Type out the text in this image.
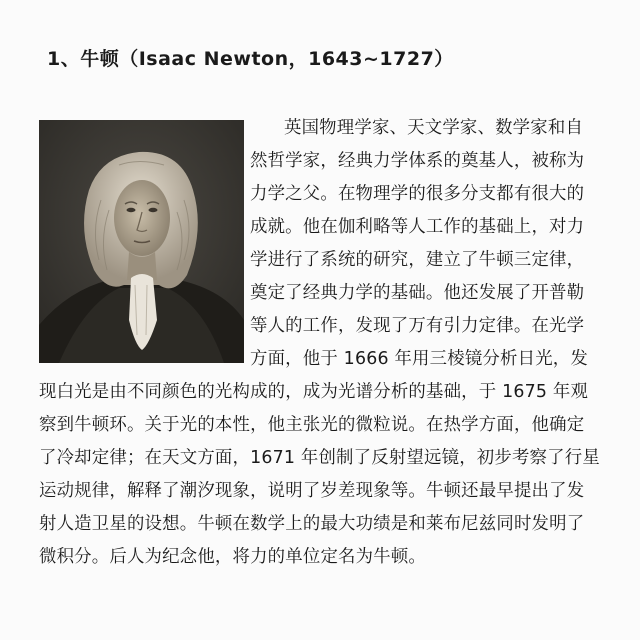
1、牛顿（Isaac Newton，1643~1727）
英国物理学家、天文学家、数学家和自
然哲学家，经典力学体系的奠基人，被称为
力学之父。在物理学的很多分支都有很大的
成就。他在伽利略等人工作的基础上，对力
学进行了系统的研究，建立了牛顿三定律，
奠定了经典力学的基础。他还发展了开普勒
等人的工作，发现了万有引力定律。在光学
方面，他于 1666 年用三棱镜分析日光，发
现白光是由不同颜色的光构成的，成为光谱分析的基础，于 1675 年观
察到牛顿环。关于光的本性，他主张光的微粒说。在热学方面，他确定
了冷却定律；在天文方面，1671 年创制了反射望远镜，初步考察了行星
运动规律，解释了潮汐现象，说明了岁差现象等。牛顿还最早提出了发
射人造卫星的设想。牛顿在数学上的最大功绩是和莱布尼兹同时发明了
微积分。后人为纪念他，将力的单位定名为牛顿。
